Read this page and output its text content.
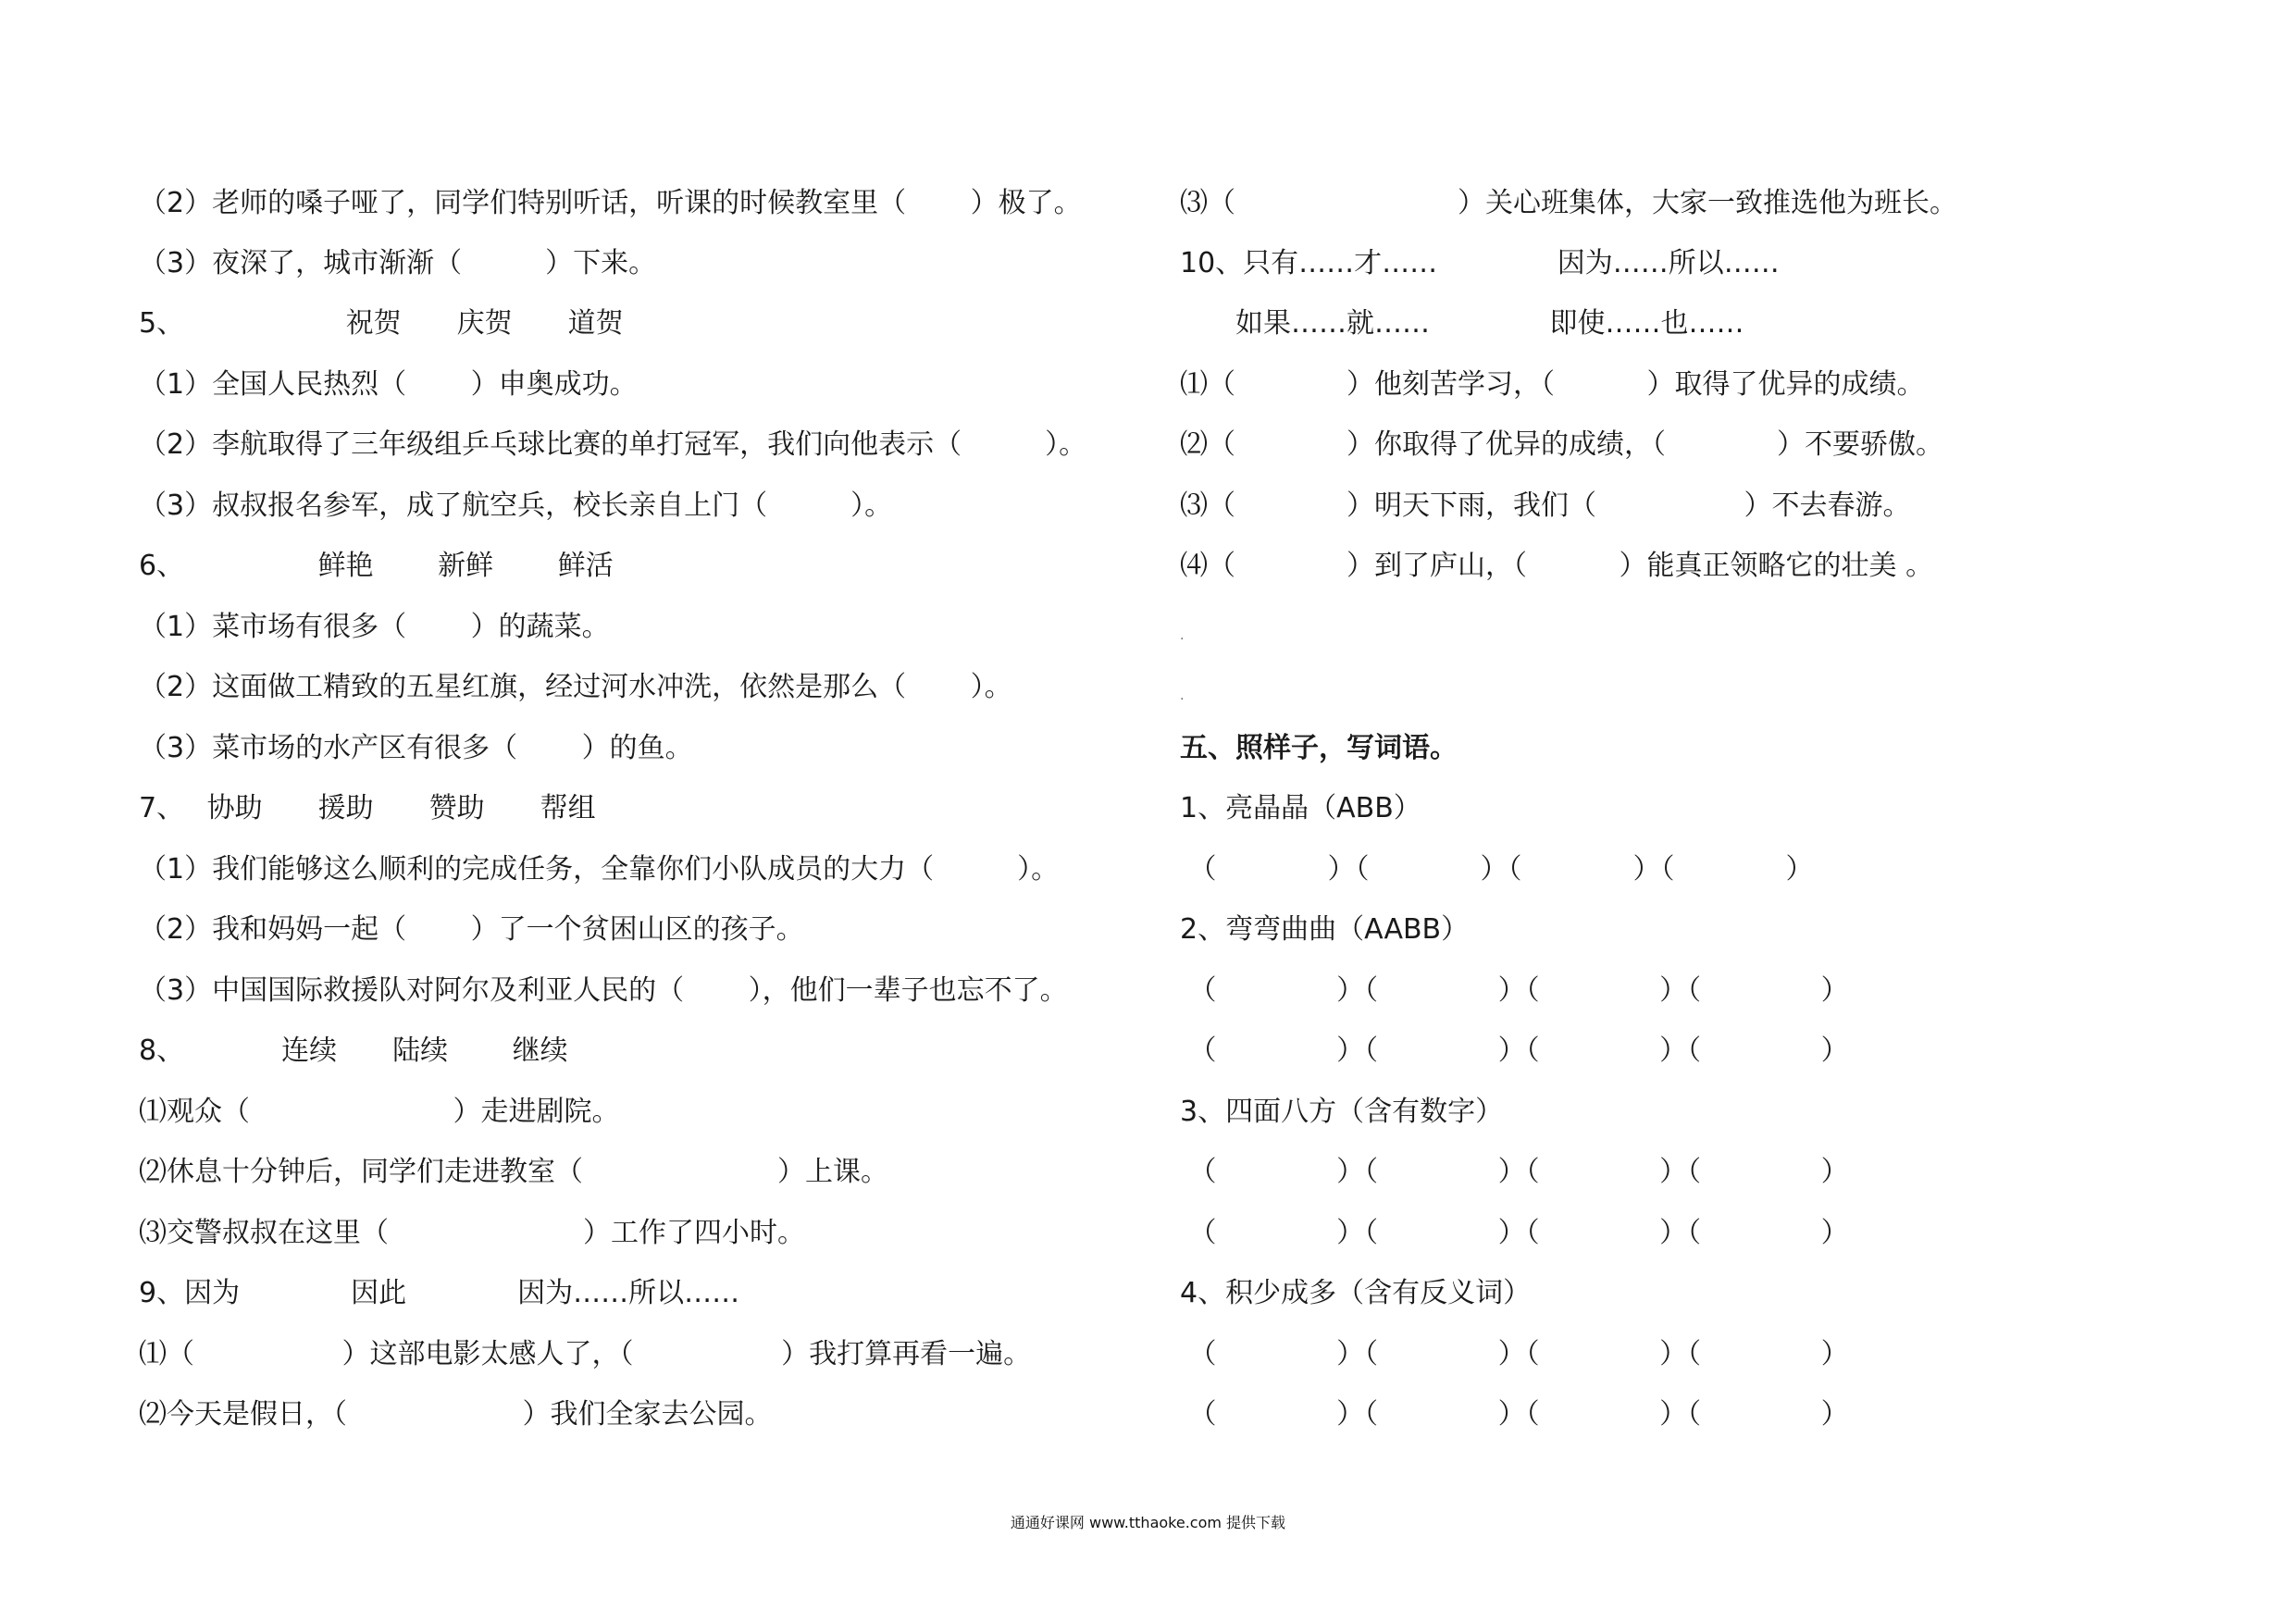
（2）老师的嗓子哑了，同学们特别听话，听课的时候教室里（　　 ）极了。
（3）夜深了，城市渐渐（　　　）下来。
5、　　　　　　 祝贺　　庆贺　　道贺
（1）全国人民热烈（　　 ）申奥成功。
（2）李航取得了三年级组乒乓球比赛的单打冠军，我们向他表示（　　　）。
（3）叔叔报名参军，成了航空兵，校长亲自上门（　　　）。
6、　　　　　 鲜艳　　 新鲜　　 鲜活
（1）菜市场有很多（　　 ）的蔬菜。
（2）这面做工精致的五星红旗，经过河水冲洗，依然是那么（　　 ）。
（3）菜市场的水产区有很多（　　 ）的鱼。
7、　 协助　　援助　　赞助　　帮组
（1）我们能够这么顺利的完成任务，全靠你们小队成员的大力（　　　）。
（2）我和妈妈一起（　　 ）了一个贫困山区的孩子。
（3）中国国际救援队对阿尔及利亚人民的（　　 ），他们一辈子也忘不了。
8、　　　　连续　　陆续　　 继续
⑴观众（　　　　　　　 ）走进剧院。
⑵休息十分钟后，同学们走进教室（　　　　　　　）上课。
⑶交警叔叔在这里（　　　　　　　）工作了四小时。
9、因为　　　　因此　　　　因为……所以……
⑴（　　　　　 ）这部电影太感人了，（　　　　　 ）我打算再看一遍。
⑵今天是假日，（　　　　　　 ）我们全家去公园。
⑶（　　　　　　　　）关心班集体，大家一致推选他为班长。
10、只有……才……　　　　 因为……所以……
　　如果……就……　　　　 即使……也……
⑴（　　　　）他刻苦学习，（　　　 ）取得了优异的成绩。
⑵（　　　　）你取得了优异的成绩，（　　　　）不要骄傲。
⑶（　　　　）明天下雨，我们（　　　　　 ）不去春游。
⑷（　　　　）到了庐山，（　　　 ）能真正领略它的壮美 。
.
.
五、照样子，写词语。
1、亮晶晶（ABB）
（　　　　）（　　　　）（　　　　）（　　　　）
2、弯弯曲曲（AABB）
（　　　　 ）（　　　　 ）（　　　　 ）（　　　　 ）
（　　　　 ）（　　　　 ）（　　　　 ）（　　　　 ）
3、四面八方（含有数字）
（　　　　 ）（　　　　 ）（　　　　 ）（　　　　 ）
（　　　　 ）（　　　　 ）（　　　　 ）（　　　　 ）
4、积少成多（含有反义词）
（　　　　 ）（　　　　 ）（　　　　 ）（　　　　 ）
（　　　　 ）（　　　　 ）（　　　　 ）（　　　　 ）
通通好课网 www.tthaoke.com 提供下载
